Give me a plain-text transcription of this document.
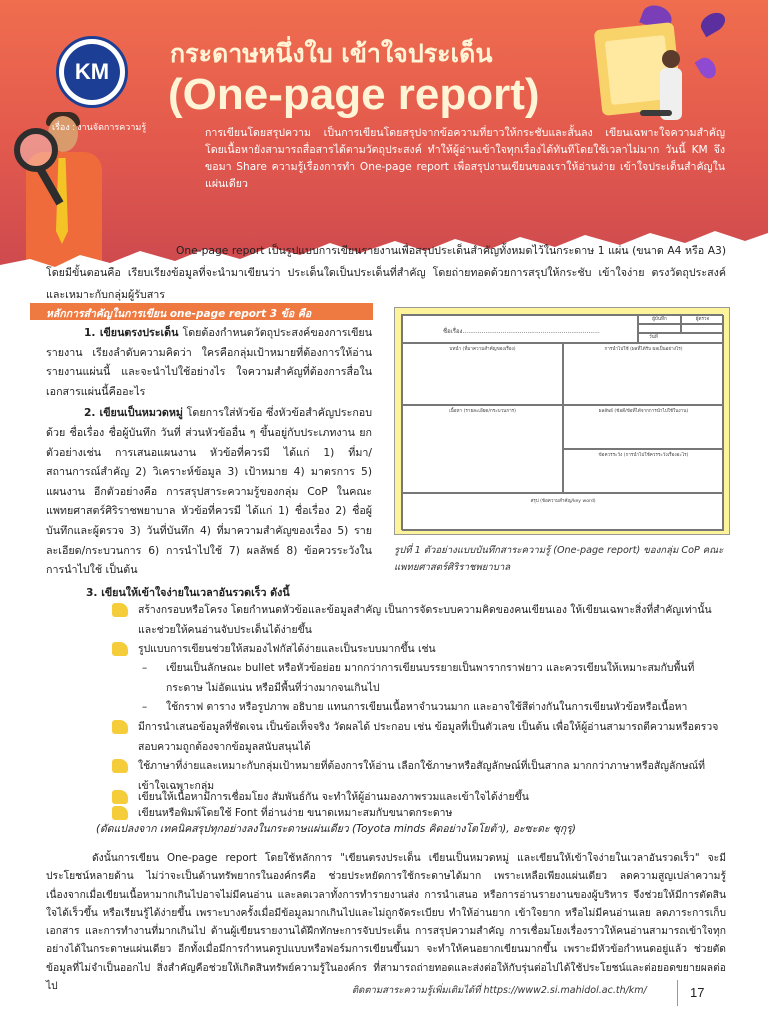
KM
เรื่อง : งานจัดการความรู้
กระดาษหนึ่งใบ เข้าใจประเด็น
(One-page report)
การเขียนโดยสรุปความ เป็นการเขียนโดยสรุปจากข้อความที่ยาวให้กระชับและสั้นลง เขียนเฉพาะใจความสำคัญโดยเนื้อหายังสามารถสื่อสารได้ตามวัตถุประสงค์ ทำให้ผู้อ่านเข้าใจทุกเรื่องได้ทันทีโดยใช้เวลาไม่มาก วันนี้ KM จึงขอมา Share ความรู้เรื่องการทำ One-page report เพื่อสรุปงานเขียนของเราให้อ่านง่าย เข้าใจประเด็นสำคัญในแผ่นเดียว

One-page report เป็นรูปแบบการเขียนรายงานเพื่อสรุปประเด็นสำคัญทั้งหมดไว้ในกระดาษ 1 แผ่น (ขนาด A4 หรือ A3) โดยมีขั้นตอนคือ เรียบเรียงข้อมูลที่จะนำมาเขียนว่า ประเด็นใดเป็นประเด็นที่สำคัญ โดยถ่ายทอดด้วยการสรุปให้กระชับ เข้าใจง่าย ตรงวัตถุประสงค์ และเหมาะกับกลุ่มผู้รับสาร

หลักการสำคัญในการเขียน one-page report 3 ข้อ คือ

1. เขียนตรงประเด็น โดยต้องกำหนดวัตถุประสงค์ของการเขียนรายงาน เรียงลำดับความคิดว่า ใครคือกลุ่มเป้าหมายที่ต้องการให้อ่านรายงานแผ่นนี้ และจะนำไปใช้อย่างไร ใจความสำคัญที่ต้องการสื่อในเอกสารแผ่นนี้คืออะไร

2. เขียนเป็นหมวดหมู่ โดยการใส่หัวข้อ ซึ่งหัวข้อสำคัญประกอบด้วย ชื่อเรื่อง ชื่อผู้บันทึก วันที่ ส่วนหัวข้ออื่น ๆ ขึ้นอยู่กับประเภทงาน ยกตัวอย่างเช่น การเสนอแผนงาน หัวข้อที่ควรมี ได้แก่ 1) ที่มา/สถานการณ์สำคัญ 2) วิเคราะห์ข้อมูล 3) เป้าหมาย 4) มาตรการ 5) แผนงาน อีกตัวอย่างคือ การสรุปสาระความรู้ของกลุ่ม CoP ในคณะแพทยศาสตร์ศิริราชพยาบาล หัวข้อที่ควรมี ได้แก่ 1) ชื่อเรื่อง 2) ชื่อผู้บันทึกและผู้ตรวจ 3) วันที่บันทึก 4) ที่มาความสำคัญของเรื่อง 5) รายละเอียด/กระบวนการ 6) การนำไปใช้ 7) ผลลัพธ์ 8) ข้อควรระวังในการนำไปใช้ เป็นต้น

ชื่อเรื่อง........................................................................
ผู้บันทึก	ผู้ตรวจ
วันที่
บทนำ (ที่มาความสำคัญของเรื่อง)	การนำไปใช้ (ผลที่ได้รับ ผลเป็นอย่างไร)
เนื้อหา (รายละเอียด/กระบวนการ)	ผลลัพธ์ (ข้อดี/ข้อที่ได้จากการนำไปใช้ในงาน)
ข้อควรระวัง (การนำไปใช้ควรระวังเรื่องอะไร)
สรุป (ข้อความสำคัญ/key word)
รูปที่ 1 ตัวอย่างแบบบันทึกสาระความรู้ (One-page report) ของกลุ่ม CoP คณะแพทยศาสตร์ศิริราชพยาบาล
3. เขียนให้เข้าใจง่ายในเวลาอันรวดเร็ว ดังนี้
สร้างกรอบหรือโครง โดยกำหนดหัวข้อและข้อมูลสำคัญ เป็นการจัดระบบความคิดของคนเขียนเอง ให้เขียนเฉพาะสิ่งที่สำคัญเท่านั้น และช่วยให้คนอ่านจับประเด็นได้ง่ายขึ้น
รูปแบบการเขียนช่วยให้สมองไฟกัสได้ง่ายและเป็นระบบมากขึ้น เช่น
– เขียนเป็นลักษณะ bullet หรือหัวข้อย่อย มากกว่าการเขียนบรรยายเป็นพารากราฟยาว และควรเขียนให้เหมาะสมกับพื้นที่กระดาษ ไม่อัดแน่น หรือมีพื้นที่ว่างมากจนเกินไป
– ใช้กราฟ ตาราง หรือรูปภาพ อธิบาย แทนการเขียนเนื้อหาจำนวนมาก และอาจใช้สีต่างกันในการเขียนหัวข้อหรือเนื้อหา
มีการนำเสนอข้อมูลที่ชัดเจน เป็นข้อเท็จจริง วัดผลได้ ประกอบ เช่น ข้อมูลที่เป็นตัวเลข เป็นต้น เพื่อให้ผู้อ่านสามารถตีความหรือตรวจสอบความถูกต้องจากข้อมูลสนับสนุนได้
ใช้ภาษาที่ง่ายและเหมาะกับกลุ่มเป้าหมายที่ต้องการให้อ่าน เลือกใช้ภาษาหรือสัญลักษณ์ที่เป็นสากล มากกว่าภาษาหรือสัญลักษณ์ที่เข้าใจเฉพาะกลุ่ม
เขียนให้เนื้อหามีการเชื่อมโยง สัมพันธ์กัน จะทำให้ผู้อ่านมองภาพรวมและเข้าใจได้ง่ายขึ้น
เขียนหรือพิมพ์โดยใช้ Font ที่อ่านง่าย ขนาดเหมาะสมกับขนาดกระดาษ
(ดัดแปลงจาก เทคนิคสรุปทุกอย่างลงในกระดาษแผ่นเดียว (Toyota minds คิดอย่างโตโยต้า), อะซะดะ ซุกุรุ)

ดังนั้นการเขียน One-page report โดยใช้หลักการ "เขียนตรงประเด็น เขียนเป็นหมวดหมู่ และเขียนให้เข้าใจง่ายในเวลาอันรวดเร็ว" จะมีประโยชน์หลายด้าน ไม่ว่าจะเป็นด้านทรัพยากรในองค์กรคือ ช่วยประหยัดการใช้กระดาษได้มาก เพราะเหลือเพียงแผ่นเดียว ลดความสูญเปล่าความรู้ เนื่องจากเมื่อเขียนเนื้อหามากเกินไปอาจไม่มีคนอ่าน และลดเวลาทั้งการทำรายงานส่ง การนำเสนอ หรือการอ่านรายงานของผู้บริหาร จึงช่วยให้มีการตัดสินใจได้เร็วขึ้น หรือเรียนรู้ได้ง่ายขึ้น เพราะบางครั้งเมื่อมีข้อมูลมากเกินไปและไม่ถูกจัดระเบียบ ทำให้อ่านยาก เข้าใจยาก หรือไม่มีคนอ่านเลย ลดภาระการเก็บเอกสาร และการทำงานที่มากเกินไป ด้านผู้เขียนรายงานได้ฝึกทักษะการจับประเด็น การสรุปความสำคัญ การเชื่อมโยงเรื่องราวให้คนอ่านสามารถเข้าใจทุกอย่างได้ในกระดาษแผ่นเดียว อีกทั้งเมื่อมีการกำหนดรูปแบบหรือฟอร์มการเขียนขึ้นมา จะทำให้คนอยากเขียนมากขึ้น เพราะมีหัวข้อกำหนดอยู่แล้ว ช่วยตัดข้อมูลที่ไม่จำเป็นออกไป สิ่งสำคัญคือช่วยให้เกิดสินทรัพย์ความรู้ในองค์กร ที่สามารถถ่ายทอดและส่งต่อให้กับรุ่นต่อไปได้ใช้ประโยชน์และต่อยอดขยายผลต่อไป	ติดตามสาระความรู้เพิ่มเติมได้ที่ https://www2.si.mahidol.ac.th/km/	17
